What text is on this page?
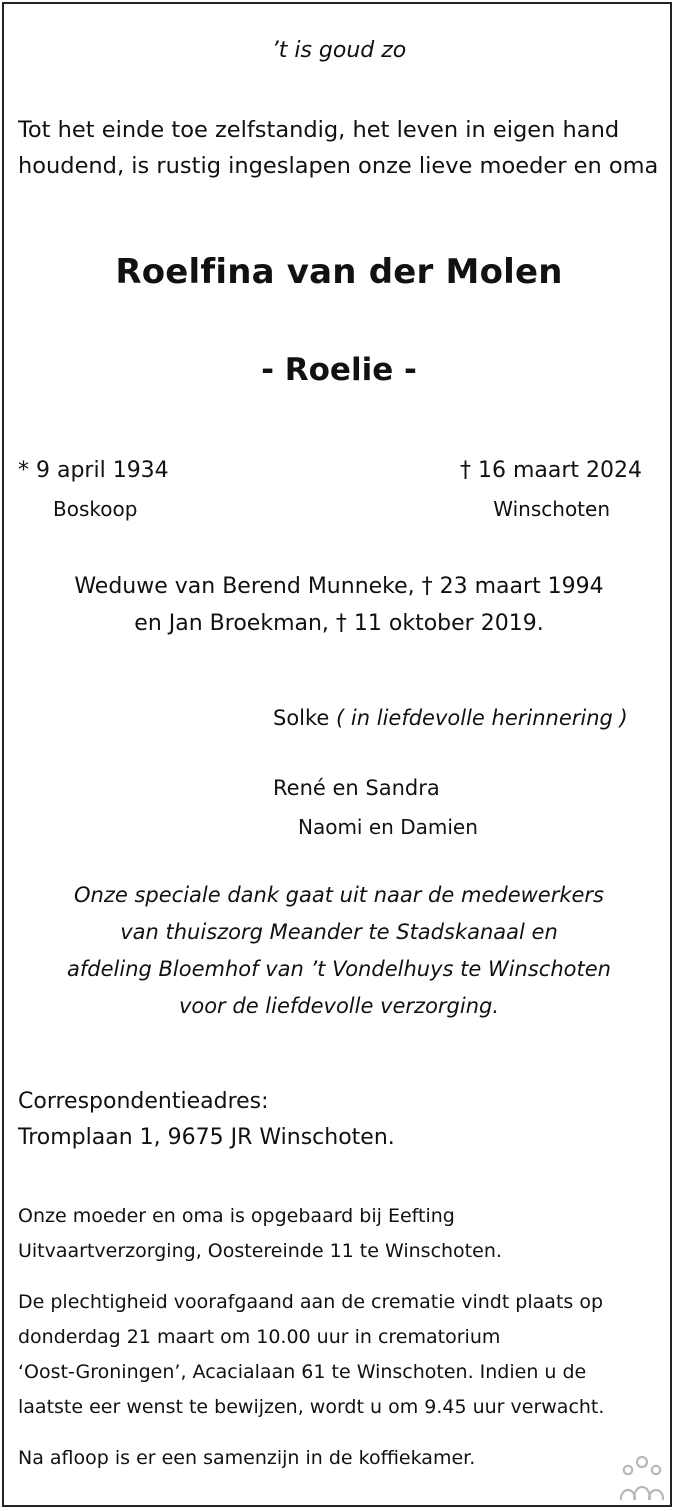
’t is goud zo
Tot het einde toe zelfstandig, het leven in eigen hand
houdend, is rustig ingeslapen onze lieve moeder en oma
Roelfina van der Molen
- Roelie -
* 9 april 1934
Boskoop
† 16 maart 2024
Winschoten
Weduwe van Berend Munneke, † 23 maart 1994
en Jan Broekman, † 11 oktober 2019.
Solke ( in liefdevolle herinnering )
René en Sandra
Naomi en Damien
Onze speciale dank gaat uit naar de medewerkers
van thuiszorg Meander te Stadskanaal en
afdeling Bloemhof van ’t Vondelhuys te Winschoten
voor de liefdevolle verzorging.
Correspondentieadres:
Tromplaan 1, 9675 JR Winschoten.
Onze moeder en oma is opgebaard bij Eefting
Uitvaartverzorging, Oostereinde 11 te Winschoten.
De plechtigheid voorafgaand aan de crematie vindt plaats op
donderdag 21 maart om 10.00 uur in crematorium
‘Oost-Groningen’, Acacialaan 61 te Winschoten. Indien u de
laatste eer wenst te bewijzen, wordt u om 9.45 uur verwacht.
Na afloop is er een samenzijn in de koffiekamer.
